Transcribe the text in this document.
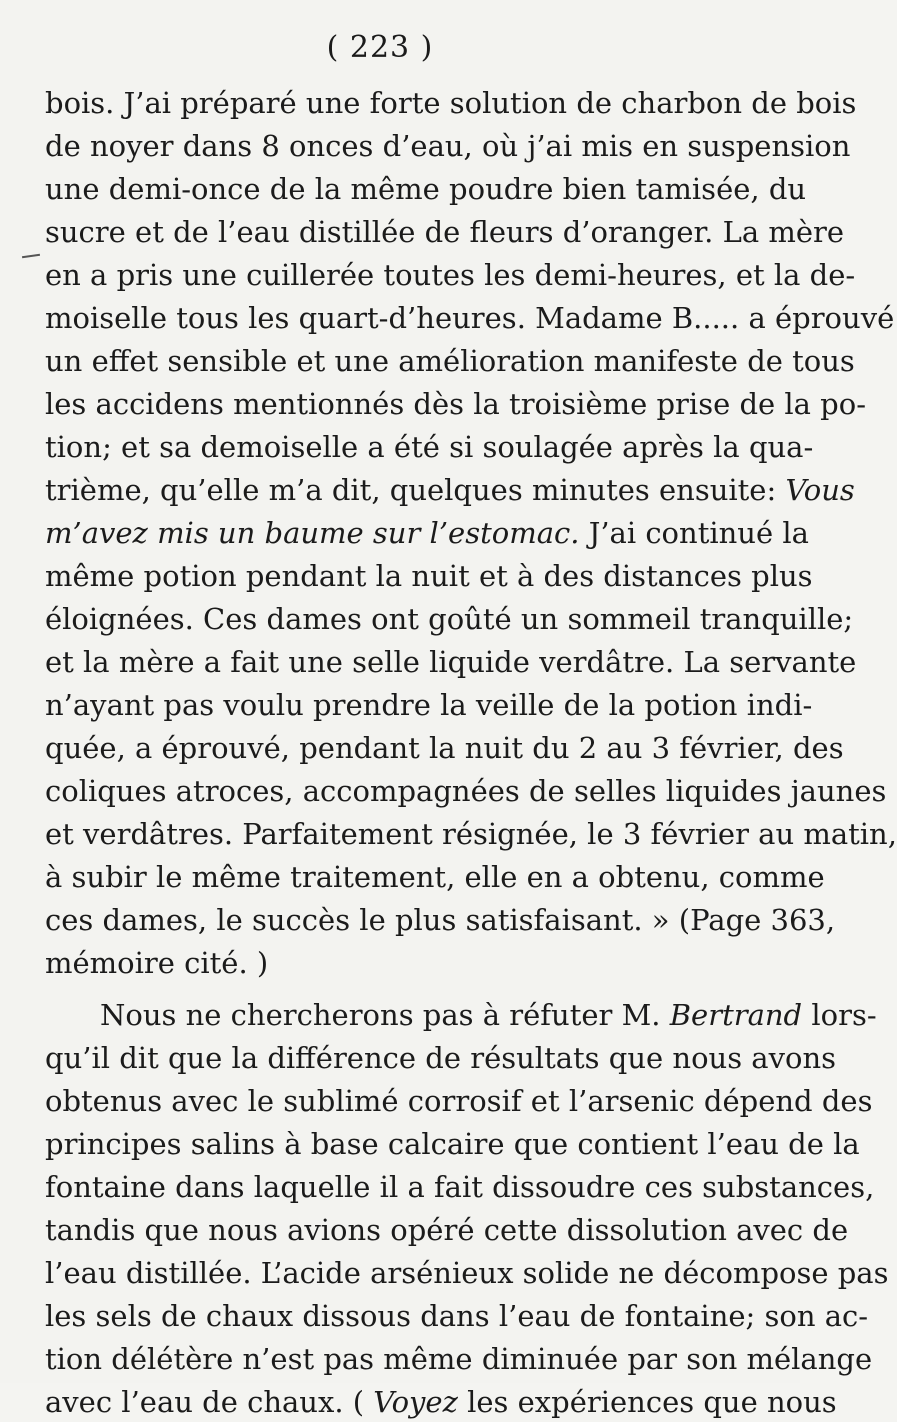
( 223 )
bois. J’ai préparé une forte solution de charbon de bois
de noyer dans 8 onces d’eau, où j’ai mis en suspension
une demi-once de la même poudre bien tamisée, du
sucre et de l’eau distillée de fleurs d’oranger. La mère
en a pris une cuillerée toutes les demi-heures, et la de-
moiselle tous les quart-d’heures. Madame B..... a éprouvé
un effet sensible et une amélioration manifeste de tous
les accidens mentionnés dès la troisième prise de la po-
tion; et sa demoiselle a été si soulagée après la qua-
trième, qu’elle m’a dit, quelques minutes ensuite: Vous
m’avez mis un baume sur l’estomac. J’ai continué la
même potion pendant la nuit et à des distances plus
éloignées. Ces dames ont goûté un sommeil tranquille;
et la mère a fait une selle liquide verdâtre. La servante
n’ayant pas voulu prendre la veille de la potion indi-
quée, a éprouvé, pendant la nuit du 2 au 3 février, des
coliques atroces, accompagnées de selles liquides jaunes
et verdâtres. Parfaitement résignée, le 3 février au matin,
à subir le même traitement, elle en a obtenu, comme
ces dames, le succès le plus satisfaisant. » (Page 363,
mémoire cité. )
Nous ne chercherons pas à réfuter M. Bertrand lors-
qu’il dit que la différence de résultats que nous avons
obtenus avec le sublimé corrosif et l’arsenic dépend des
principes salins à base calcaire que contient l’eau de la
fontaine dans laquelle il a fait dissoudre ces substances,
tandis que nous avions opéré cette dissolution avec de
l’eau distillée. L’acide arsénieux solide ne décompose pas
les sels de chaux dissous dans l’eau de fontaine; son ac-
tion délétère n’est pas même diminuée par son mélange
avec l’eau de chaux. ( Voyez les expériences que nous
